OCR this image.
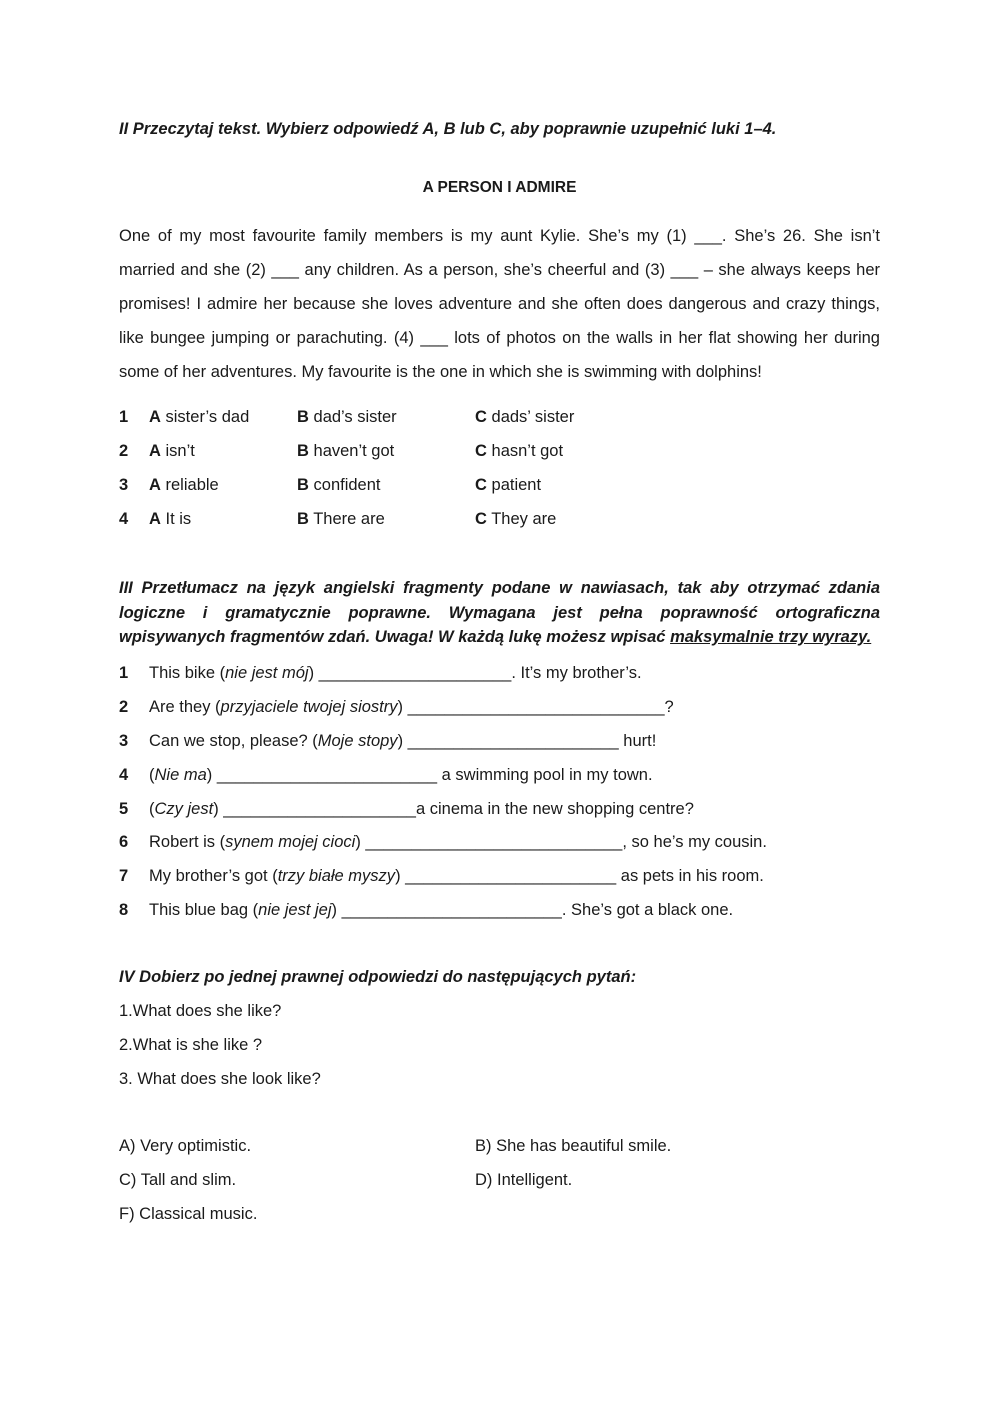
II Przeczytaj tekst. Wybierz odpowiedź A, B lub C, aby poprawnie uzupełnić luki 1–4.
A PERSON I ADMIRE
One of my most favourite family members is my aunt Kylie. She’s my (1) ___. She’s 26. She isn’t married and she (2) ___ any children. As a person, she’s cheerful and (3) ___ – she always keeps her promises! I admire her because she loves adventure and she often does dangerous and crazy things, like bungee jumping or parachuting. (4) ___ lots of photos on the walls in her flat showing her during some of her adventures. My favourite is the one in which she is swimming with dolphins!
1 A sister’s dad	B dad’s sister	C dads’ sister
2 A isn’t	B haven’t got	C hasn’t got
3 A reliable	B confident	C patient
4 A It is	B There are	C They are
III Przetłumacz na język angielski fragmenty podane w nawiasach, tak aby otrzymać zdania logiczne i gramatycznie poprawne. Wymagana jest pełna poprawność ortograficzna wpisywanych fragmentów zdań. Uwaga! W każdą lukę możesz wpisać maksymalnie trzy wyrazy.
1 This bike (nie jest mój) _____________________. It’s my brother’s.
2 Are they (przyjaciele twojej siostry) ____________________________?
3 Can we stop, please? (Moje stopy) _______________________ hurt!
4 (Nie ma) ________________________ a swimming pool in my town.
5 (Czy jest) _____________________a cinema in the new shopping centre?
6 Robert is (synem mojej cioci) ____________________________, so he’s my cousin.
7 My brother’s got (trzy białe myszy) _______________________ as pets in his room.
8 This blue bag (nie jest jej) ________________________. She’s got a black one.
IV Dobierz po jednej prawnej odpowiedzi do następujących pytań:
1.What does she like?
2.What is she like ?
3. What does she look like?
A) Very optimistic.	B) She has beautiful smile.
C) Tall and slim.	D) Intelligent.
F) Classical music.
